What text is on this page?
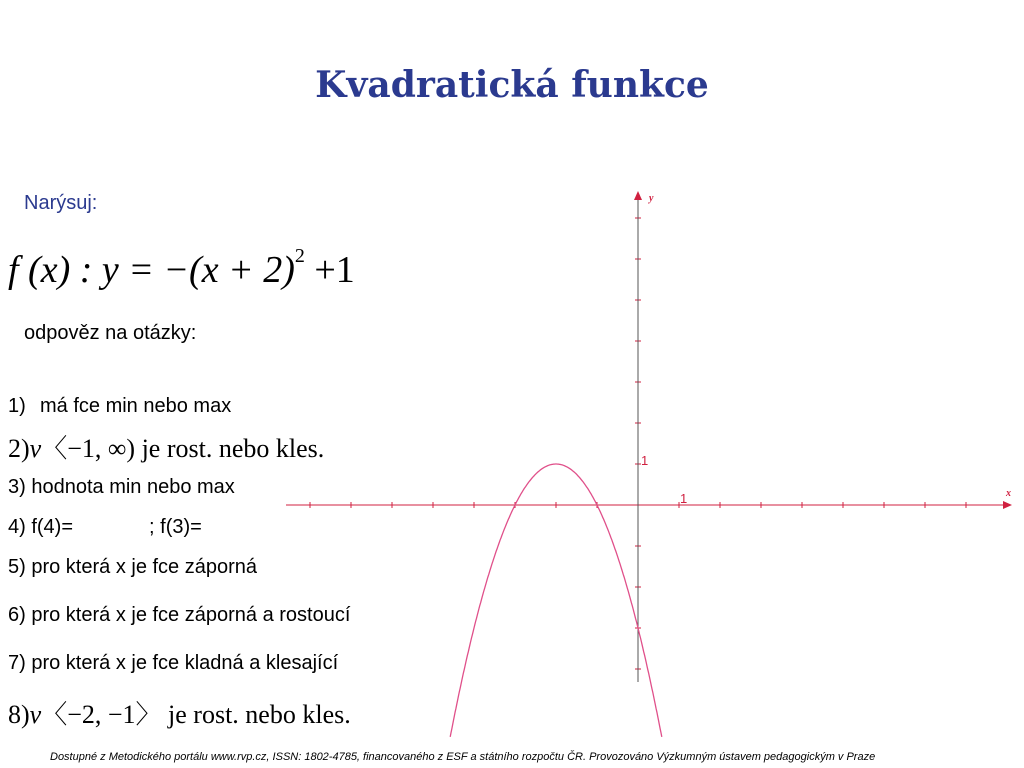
Kvadratická funkce
Narýsuj:
f (x) : $y = -(x + 2)^2 +1$
odpověz na otázky:
1) má fce min nebo max
2)v〈−1, ∞) je rost. nebo kles.
3) hodnota min nebo max
4) f(4)=	; f(3)=
5) pro která x je fce záporná
6) pro která x je fce záporná a rostoucí
7) pro která x je fce kladná a klesající
8)v〈−2, −1〉 je rost. nebo kles.
x
y
1
1
Dostupné z Metodického portálu www.rvp.cz, ISSN: 1802-4785, financovaného z ESF a státního rozpočtu ČR. Provozováno Výzkumným ústavem pedagogickým v Praze
